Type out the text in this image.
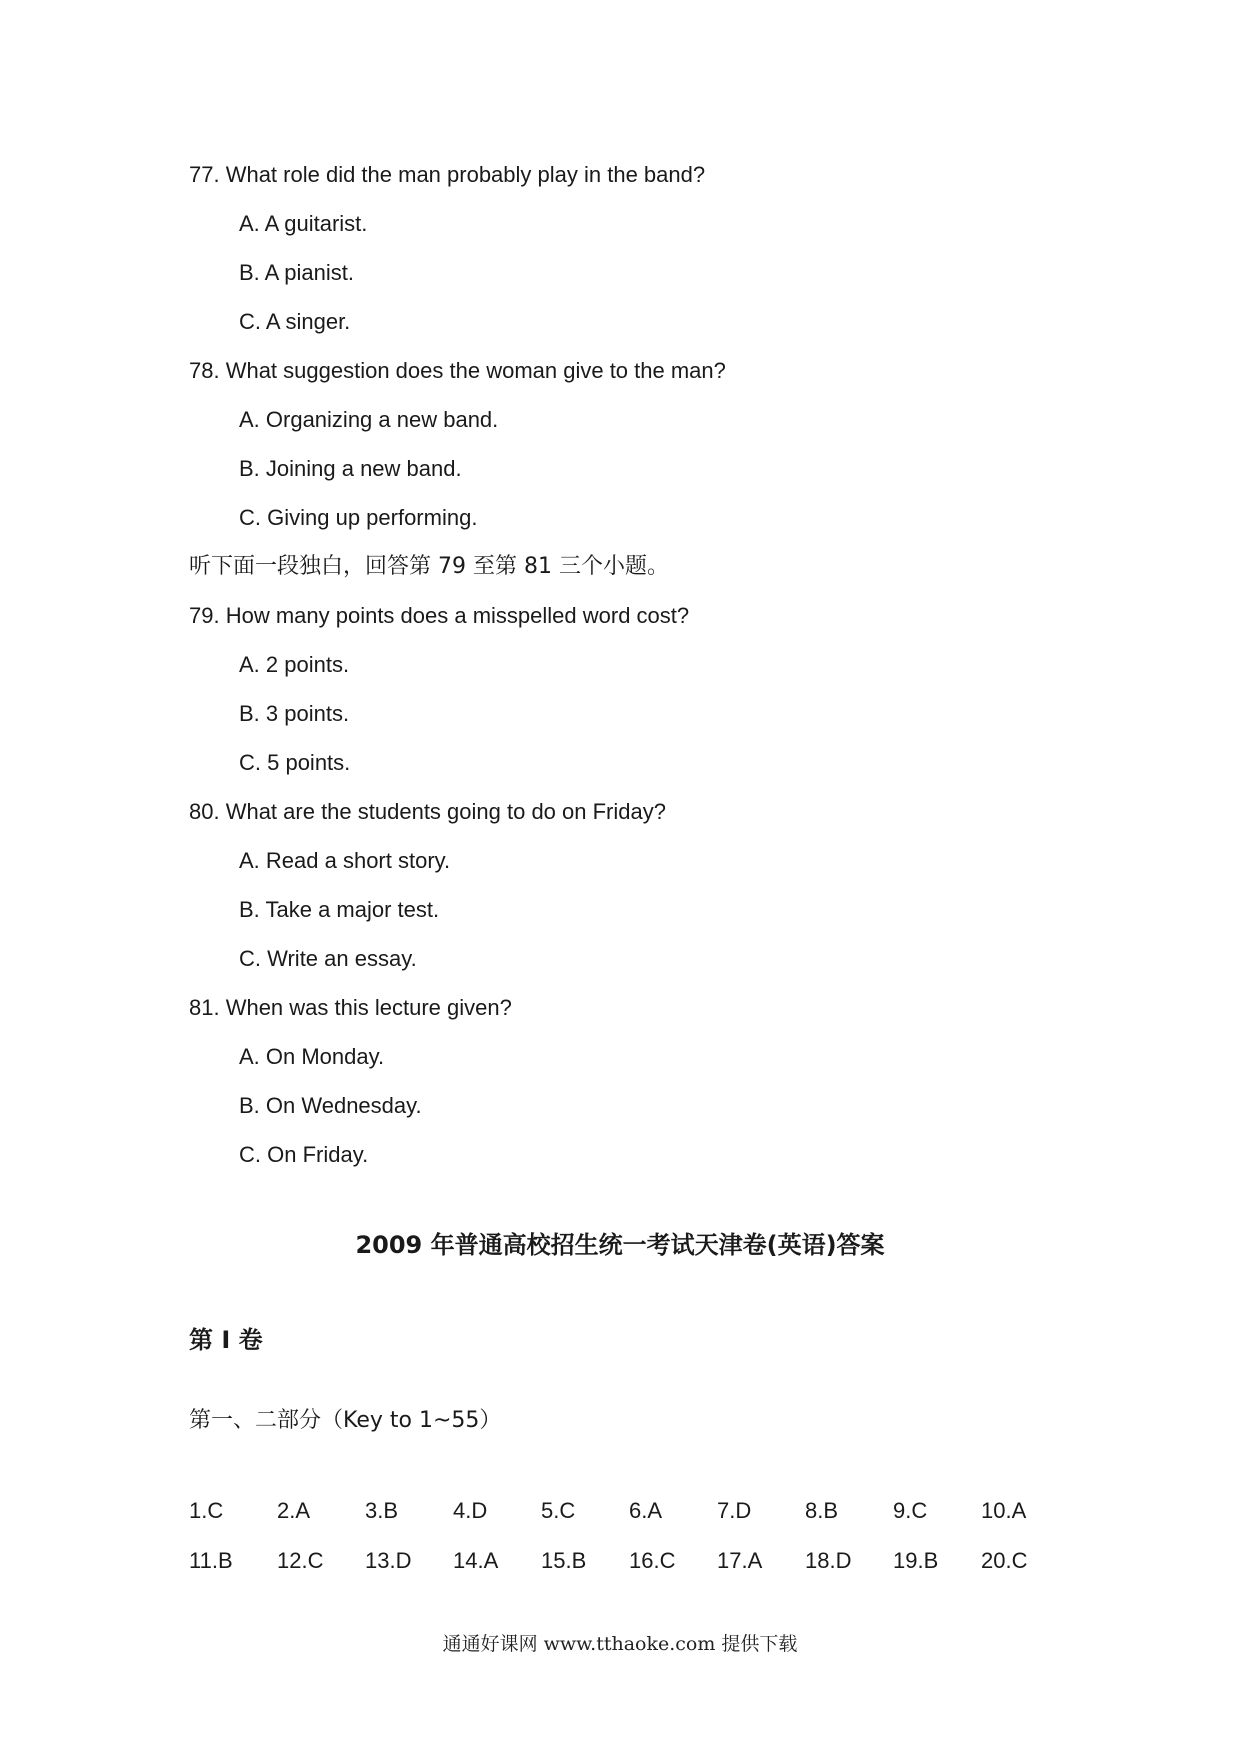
77. What role did the man probably play in the band?
A. A guitarist.
B. A pianist.
C. A singer.
78. What suggestion does the woman give to the man?
A. Organizing a new band.
B. Joining a new band.
C. Giving up performing.
听下面一段独白，回答第 79 至第 81 三个小题。
79. How many points does a misspelled word cost?
A. 2 points.
B. 3 points.
C. 5 points.
80. What are the students going to do on Friday?
A. Read a short story.
B. Take a major test.
C. Write an essay.
81. When was this lecture given?
A. On Monday.
B. On Wednesday.
C. On Friday.
2009 年普通高校招生统一考试天津卷(英语)答案
第 I 卷
第一、二部分（Key to 1~55）
1.C 2.A 3.B 4.D 5.C 6.A 7.D 8.B 9.C 10.A
11.B 12.C 13.D 14.A 15.B 16.C 17.A 18.D 19.B 20.C
通通好课网 www.tthaoke.com 提供下载
